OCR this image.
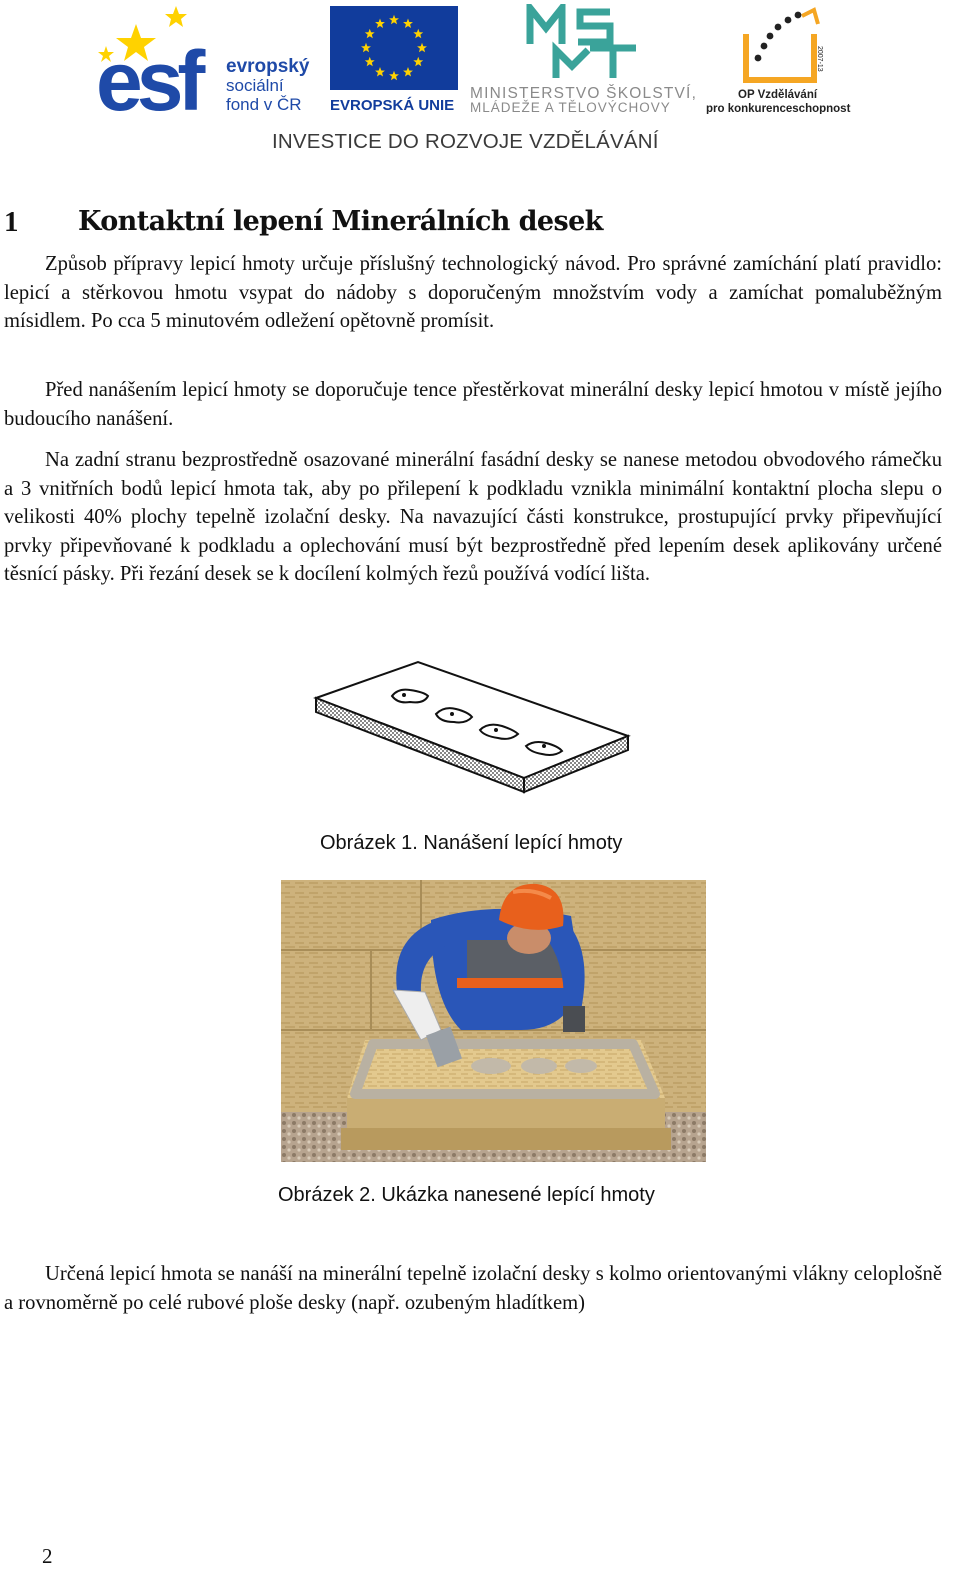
esf	evropský
sociální
fond v ČR EVROPSKÁ UNIE
MINISTERSTVO ŠKOLSTVÍ,
MLÁDEŽE A TĚLOVÝCHOVY
2007-13
OP Vzdělávání
pro konkurenceschopnost
INVESTICE DO ROZVOJE VZDĚLÁVÁNÍ
1 Kontaktní lepení Minerálních desek

Způsob přípravy lepicí hmoty určuje příslušný technologický návod. Pro správné zamíchání platí pravidlo: lepicí a stěrkovou hmotu vsypat do nádoby s doporučeným množstvím vody a zamíchat pomaluběžným mísidlem. Po cca 5 minutovém odležení opětovně promísit.

Před nanášením lepicí hmoty se doporučuje tence přestěrkovat minerální desky lepicí hmotou v místě jejího budoucího nanášení.

Na zadní stranu bezprostředně osazované minerální fasádní desky se nanese metodou obvodového rámečku a 3 vnitřních bodů lepicí hmota tak, aby po přilepení k podkladu vznikla minimální kontaktní plocha slepu o velikosti 40% plochy tepelně izolační desky. Na navazující části konstrukce, prostupující prvky připevňující prvky připevňované k podkladu a oplechování musí být bezprostředně před lepením desek aplikovány určené těsnící pásky. Při řezání desek se k docílení kolmých řezů používá vodící lišta.

Obrázek 1. Nanášení lepící hmoty
Obrázek 2. Ukázka nanesené lepící hmoty

Určená lepicí hmota se nanáší na minerální tepelně izolační desky s kolmo orientovanými vlákny celoplošně a rovnoměrně po celé rubové ploše desky (např. ozubeným hladítkem)

2
